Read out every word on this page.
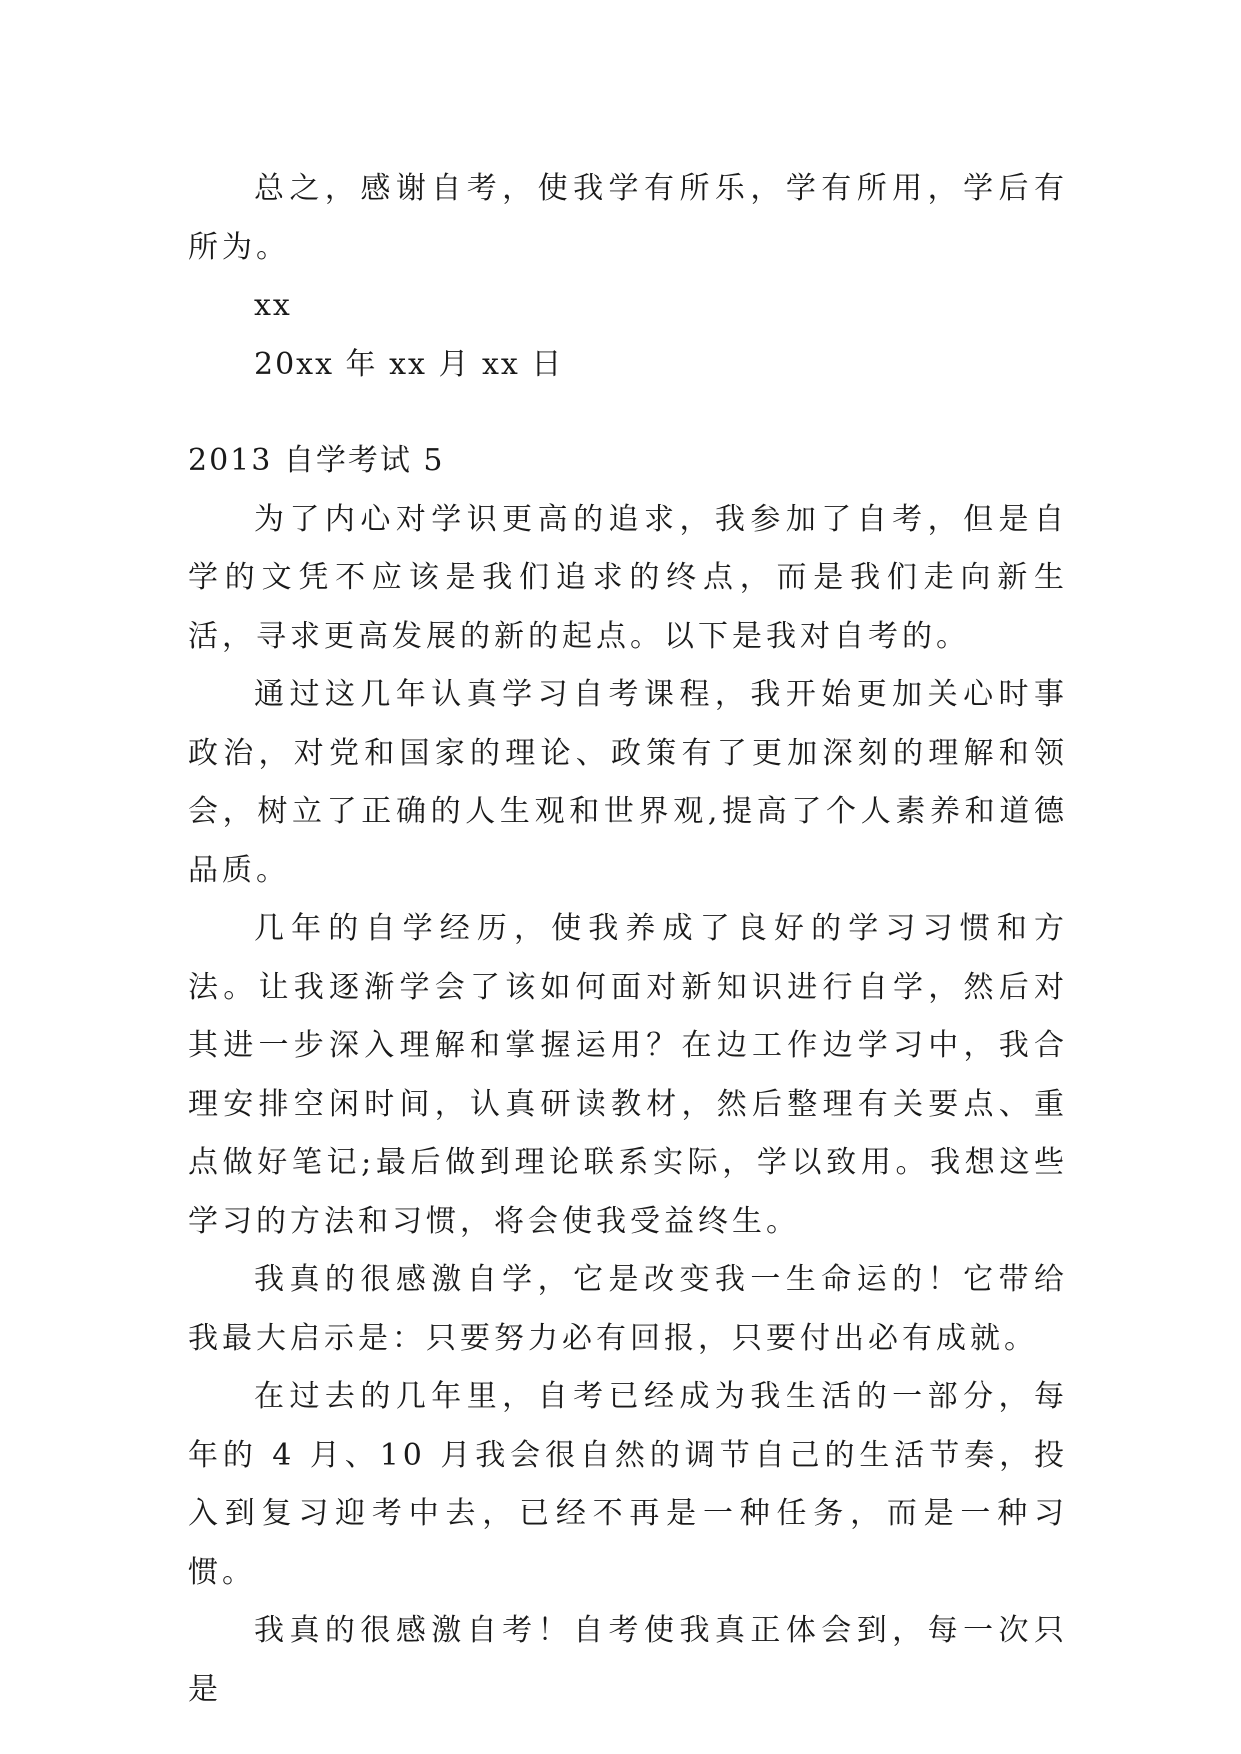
总之，感谢自考，使我学有所乐，学有所用，学后有所为。

xx

20xx 年 xx 月 xx 日

2013 自学考试 5

为了内心对学识更高的追求，我参加了自考，但是自学的文凭不应该是我们追求的终点，而是我们走向新生活，寻求更高发展的新的起点。以下是我对自考的。

通过这几年认真学习自考课程，我开始更加关心时事政治，对党和国家的理论、政策有了更加深刻的理解和领会，树立了正确的人生观和世界观,提高了个人素养和道德品质。

几年的自学经历，使我养成了良好的学习习惯和方法。让我逐渐学会了该如何面对新知识进行自学，然后对其进一步深入理解和掌握运用？在边工作边学习中，我合理安排空闲时间，认真研读教材，然后整理有关要点、重点做好笔记;最后做到理论联系实际，学以致用。我想这些学习的方法和习惯，将会使我受益终生。

我真的很感激自学，它是改变我一生命运的！它带给我最大启示是：只要努力必有回报，只要付出必有成就。

在过去的几年里，自考已经成为我生活的一部分，每年的 4 月、10 月我会很自然的调节自己的生活节奏，投入到复习迎考中去，已经不再是一种任务，而是一种习惯。

我真的很感激自考！自考使我真正体会到，每一次只是
